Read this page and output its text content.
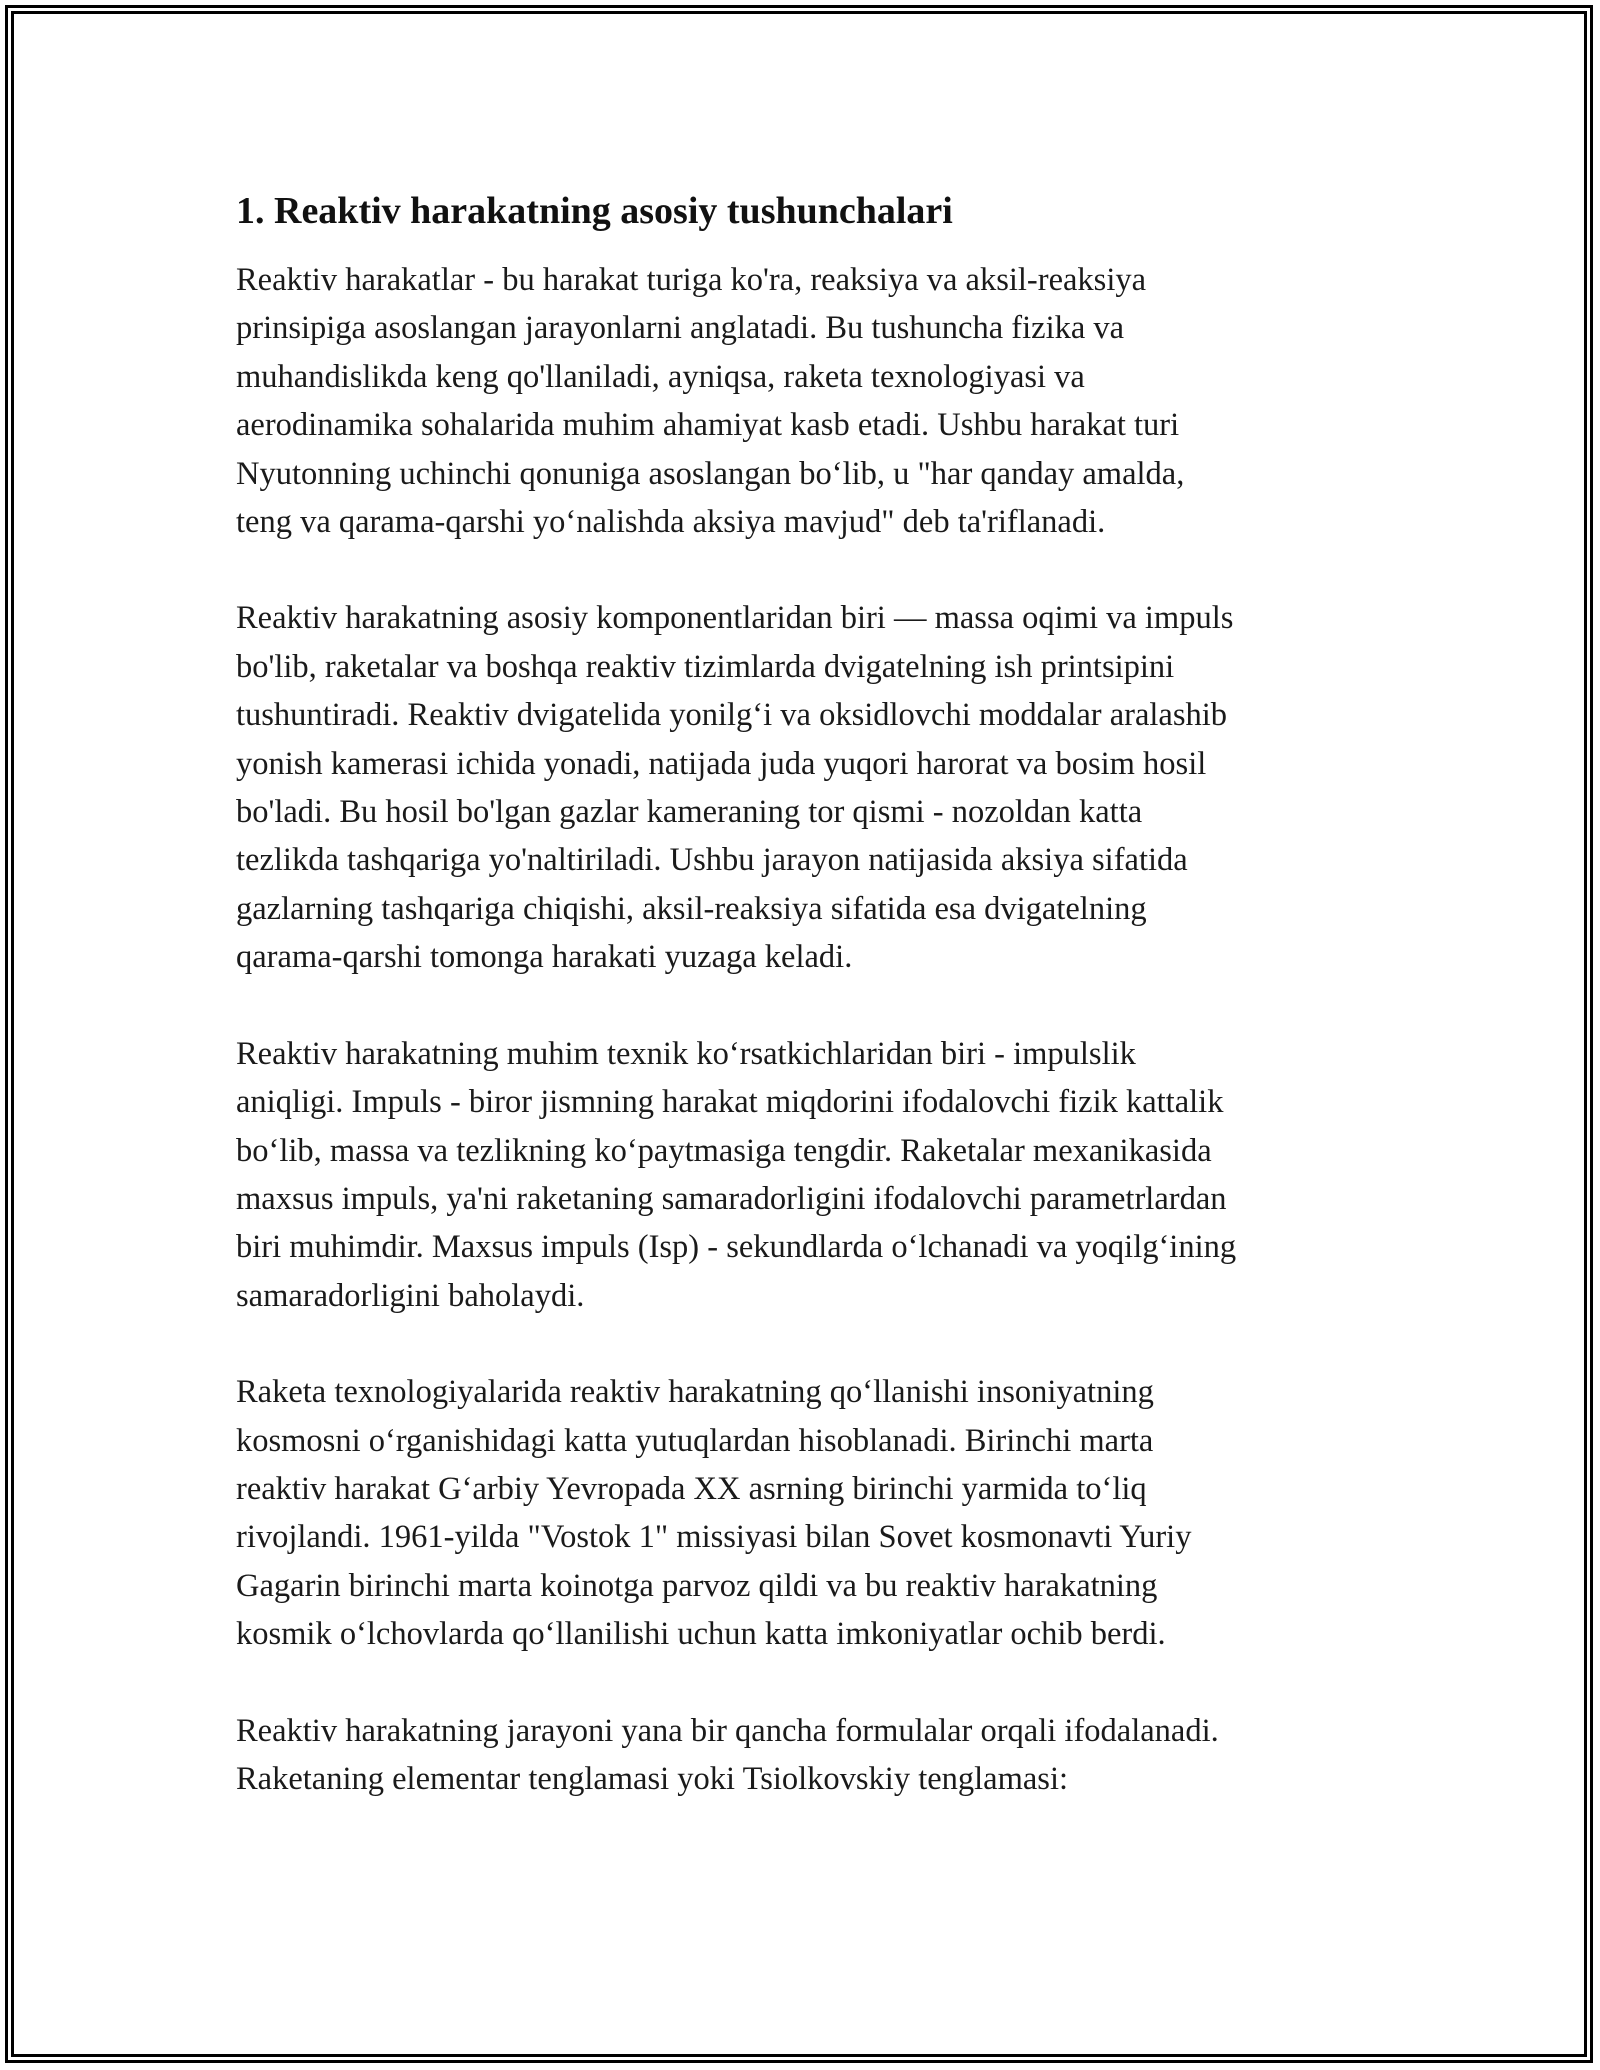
1. Reaktiv harakatning asosiy tushunchalari

Reaktiv harakatlar - bu harakat turiga ko'ra, reaksiya va aksil-reaksiya
prinsipiga asoslangan jarayonlarni anglatadi. Bu tushuncha fizika va
muhandislikda keng qo'llaniladi, ayniqsa, raketa texnologiyasi va
aerodinamika sohalarida muhim ahamiyat kasb etadi. Ushbu harakat turi
Nyutonning uchinchi qonuniga asoslangan boʻlib, u "har qanday amalda,
teng va qarama-qarshi yoʻnalishda aksiya mavjud" deb ta'riflanadi.

Reaktiv harakatning asosiy komponentlaridan biri — massa oqimi va impuls
bo'lib, raketalar va boshqa reaktiv tizimlarda dvigatelning ish printsipini
tushuntiradi. Reaktiv dvigatelida yonilgʻi va oksidlovchi moddalar aralashib
yonish kamerasi ichida yonadi, natijada juda yuqori harorat va bosim hosil
bo'ladi. Bu hosil bo'lgan gazlar kameraning tor qismi - nozoldan katta
tezlikda tashqariga yo'naltiriladi. Ushbu jarayon natijasida aksiya sifatida
gazlarning tashqariga chiqishi, aksil-reaksiya sifatida esa dvigatelning
qarama-qarshi tomonga harakati yuzaga keladi.

Reaktiv harakatning muhim texnik koʻrsatkichlaridan biri - impulslik
aniqligi. Impuls - biror jismning harakat miqdorini ifodalovchi fizik kattalik
boʻlib, massa va tezlikning koʻpaytmasiga tengdir. Raketalar mexanikasida
maxsus impuls, ya'ni raketaning samaradorligini ifodalovchi parametrlardan
biri muhimdir. Maxsus impuls (Isp) - sekundlarda oʻlchanadi va yoqilgʻining
samaradorligini baholaydi.

Raketa texnologiyalarida reaktiv harakatning qoʻllanishi insoniyatning
kosmosni oʻrganishidagi katta yutuqlardan hisoblanadi. Birinchi marta
reaktiv harakat Gʻarbiy Yevropada XX asrning birinchi yarmida toʻliq
rivojlandi. 1961-yilda "Vostok 1" missiyasi bilan Sovet kosmonavti Yuriy
Gagarin birinchi marta koinotga parvoz qildi va bu reaktiv harakatning
kosmik oʻlchovlarda qoʻllanilishi uchun katta imkoniyatlar ochib berdi.

Reaktiv harakatning jarayoni yana bir qancha formulalar orqali ifodalanadi.
Raketaning elementar tenglamasi yoki Tsiolkovskiy tenglamasi:
